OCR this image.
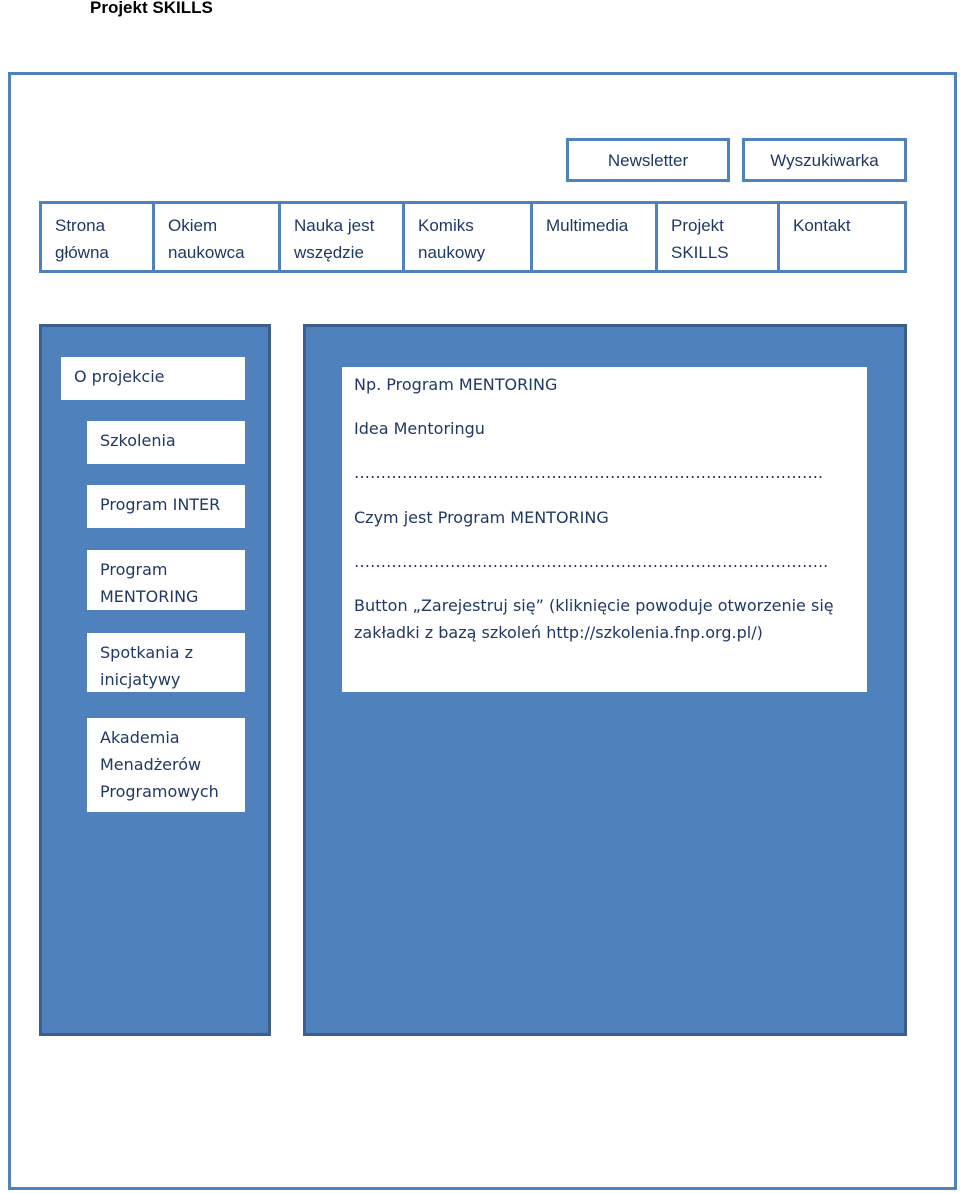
Projekt SKILLS
Newsletter	Wyszukiwarka
Strona
główna
Okiem
naukowca
Nauka jest
wszędzie
Komiks
naukowy
Multimedia	Projekt
SKILLS
Kontakt
O projekcie
Szkolenia
Program INTER
Program
MENTORING
Spotkania z
inicjatywy
Akademia
Menadżerów
Programowych
Np. Program MENTORING
Idea Mentoringu
…………………………………………………………………………….
Czym jest Program MENTORING
……………………………………………………………………………..
Button „Zarejestruj się” (kliknięcie powoduje otworzenie się zakładki z bazą szkoleń http://szkolenia.fnp.org.pl/)
